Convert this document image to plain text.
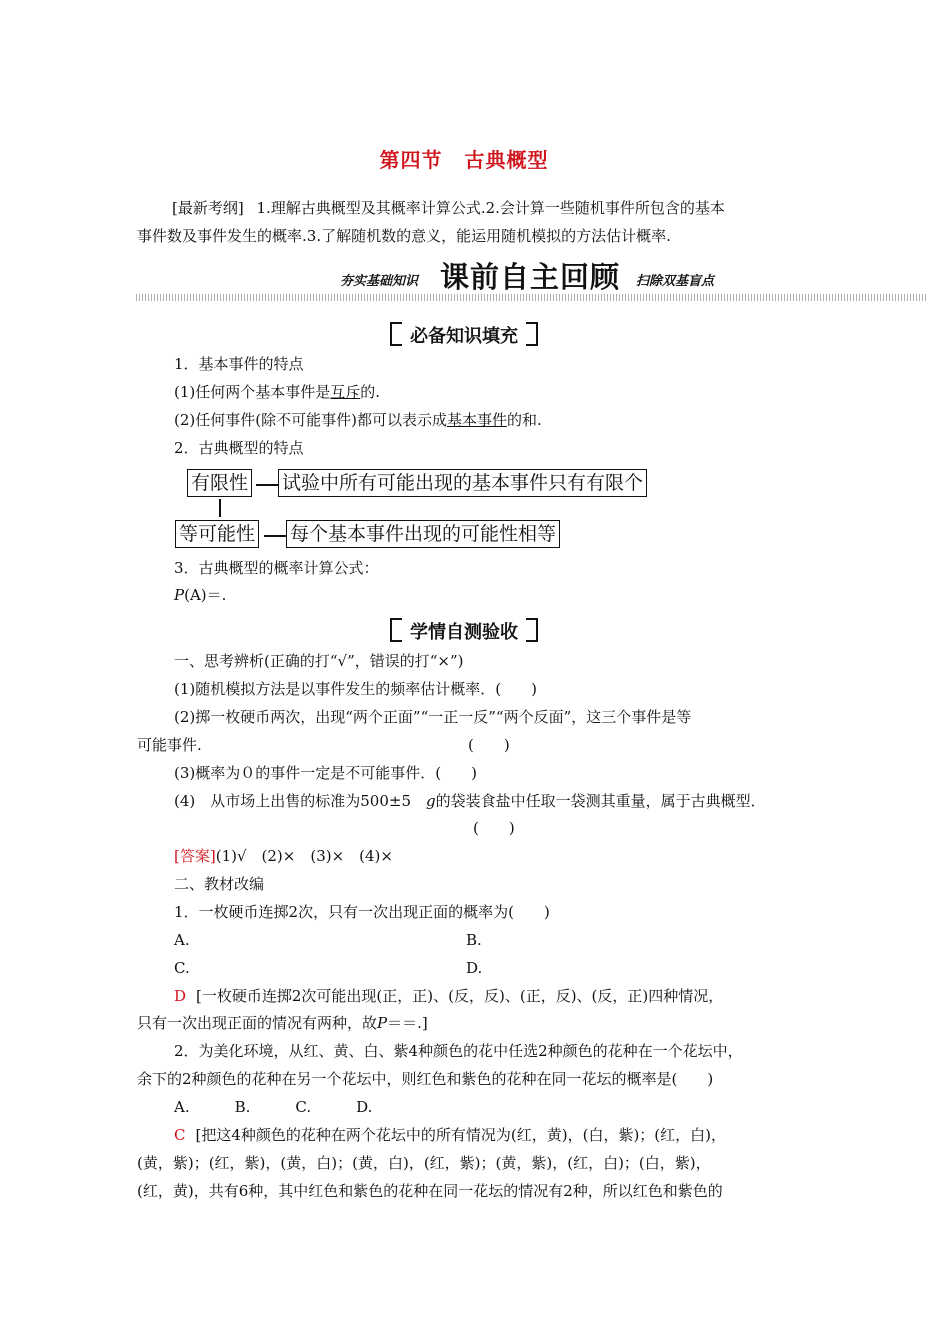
第四节 古典概型
[最新考纲] 1.理解古典概型及其概率计算公式.2.会计算一些随机事件所包含的基本
事件数及事件发生的概率.3.了解随机数的意义，能运用随机模拟的方法估计概率.
夯实基础知识 课前自主回顾 扫除双基盲点
必备知识填充
1．基本事件的特点
(1)任何两个基本事件是互斥的.
(2)任何事件(除不可能事件)都可以表示成基本事件的和.
2．古典概型的特点
有限性 试验中所有可能出现的基本事件只有有限个
等可能性 每个基本事件出现的可能性相等
3．古典概型的概率计算公式：
P(A)＝.
学情自测验收
一、思考辨析(正确的打“√”，错误的打“×”)
(1)随机模拟方法是以事件发生的频率估计概率．(　　)
(2)掷一枚硬币两次，出现“两个正面”“一正一反”“两个反面”，这三个事件是等
可能事件.	(　　)
(3)概率为０的事件一定是不可能事件．(　　)
(4)　从市场上出售的标准为500±5　 g的袋装食盐中任取一袋测其重量，属于古典概型．
(　　)
[答案](1)√　(2)×　(3)×　(4)×
二、教材改编
1．一枚硬币连掷2次，只有一次出现正面的概率为(　　)
A.	B.
C.	D.
D [一枚硬币连掷2次可能出现(正，正)、(反，反)、(正，反)、(反，正)四种情况，
只有一次出现正面的情况有两种，故P＝＝.]
2．为美化环境，从红、黄、白、紫4种颜色的花中任选2种颜色的花种在一个花坛中，
余下的2种颜色的花种在另一个花坛中，则红色和紫色的花种在同一花坛的概率是(　　)
A.　　　B.　　　C.　　　D.
C [把这4种颜色的花种在两个花坛中的所有情况为(红，黄)，(白，紫)；(红，白)，
(黄，紫)；(红，紫)，(黄，白)；(黄，白)，(红，紫)；(黄，紫)，(红，白)；(白，紫)，
(红，黄)，共有6种，其中红色和紫色的花种在同一花坛的情况有2种，所以红色和紫色的
